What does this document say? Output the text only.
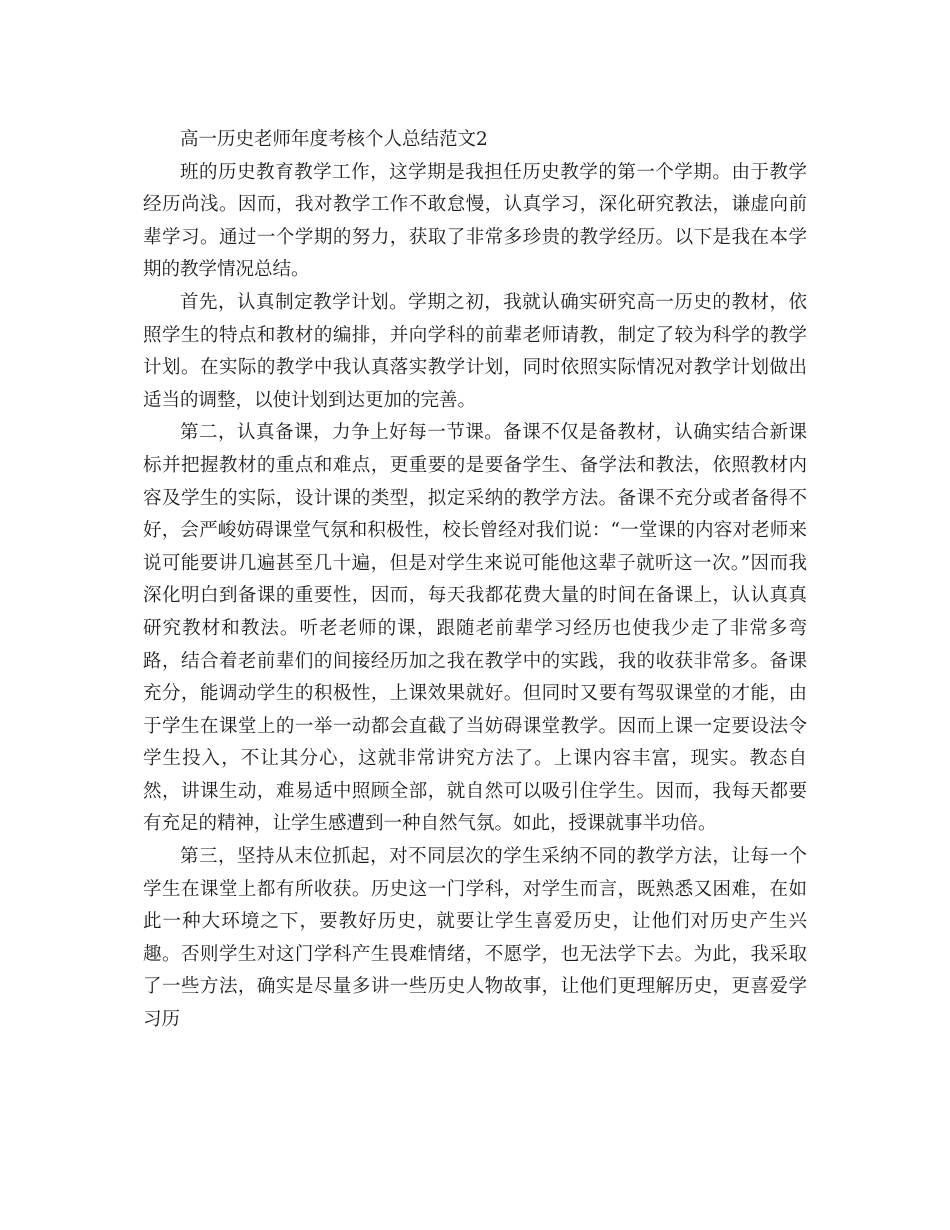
高一历史老师年度考核个人总结范文2

班的历史教育教学工作，这学期是我担任历史教学的第一个学期。由于教学经历尚浅。因而，我对教学工作不敢怠慢，认真学习，深化研究教法，谦虚向前辈学习。通过一个学期的努力，获取了非常多珍贵的教学经历。以下是我在本学期的教学情况总结。

首先，认真制定教学计划。学期之初，我就认确实研究高一历史的教材，依照学生的特点和教材的编排，并向学科的前辈老师请教，制定了较为科学的教学计划。在实际的教学中我认真落实教学计划，同时依照实际情况对教学计划做出适当的调整，以使计划到达更加的完善。

第二，认真备课，力争上好每一节课。备课不仅是备教材，认确实结合新课标并把握教材的重点和难点，更重要的是要备学生、备学法和教法，依照教材内容及学生的实际，设计课的类型，拟定采纳的教学方法。备课不充分或者备得不好，会严峻妨碍课堂气氛和积极性，校长曾经对我们说：“一堂课的内容对老师来说可能要讲几遍甚至几十遍，但是对学生来说可能他这辈子就听这一次。”因而我深化明白到备课的重要性，因而，每天我都花费大量的时间在备课上，认认真真研究教材和教法。听老老师的课，跟随老前辈学习经历也使我少走了非常多弯路，结合着老前辈们的间接经历加之我在教学中的实践，我的收获非常多。备课充分，能调动学生的积极性，上课效果就好。但同时又要有驾驭课堂的才能，由于学生在课堂上的一举一动都会直截了当妨碍课堂教学。因而上课一定要设法令学生投入，不让其分心，这就非常讲究方法了。上课内容丰富，现实。教态自然，讲课生动，难易适中照顾全部，就自然可以吸引住学生。因而，我每天都要有充足的精神，让学生感遭到一种自然气氛。如此，授课就事半功倍。

第三，坚持从末位抓起，对不同层次的学生采纳不同的教学方法，让每一个学生在课堂上都有所收获。历史这一门学科，对学生而言，既熟悉又困难，在如此一种大环境之下，要教好历史，就要让学生喜爱历史，让他们对历史产生兴趣。否则学生对这门学科产生畏难情绪，不愿学，也无法学下去。为此，我采取了一些方法，确实是尽量多讲一些历史人物故事，让他们更理解历史，更喜爱学习历
